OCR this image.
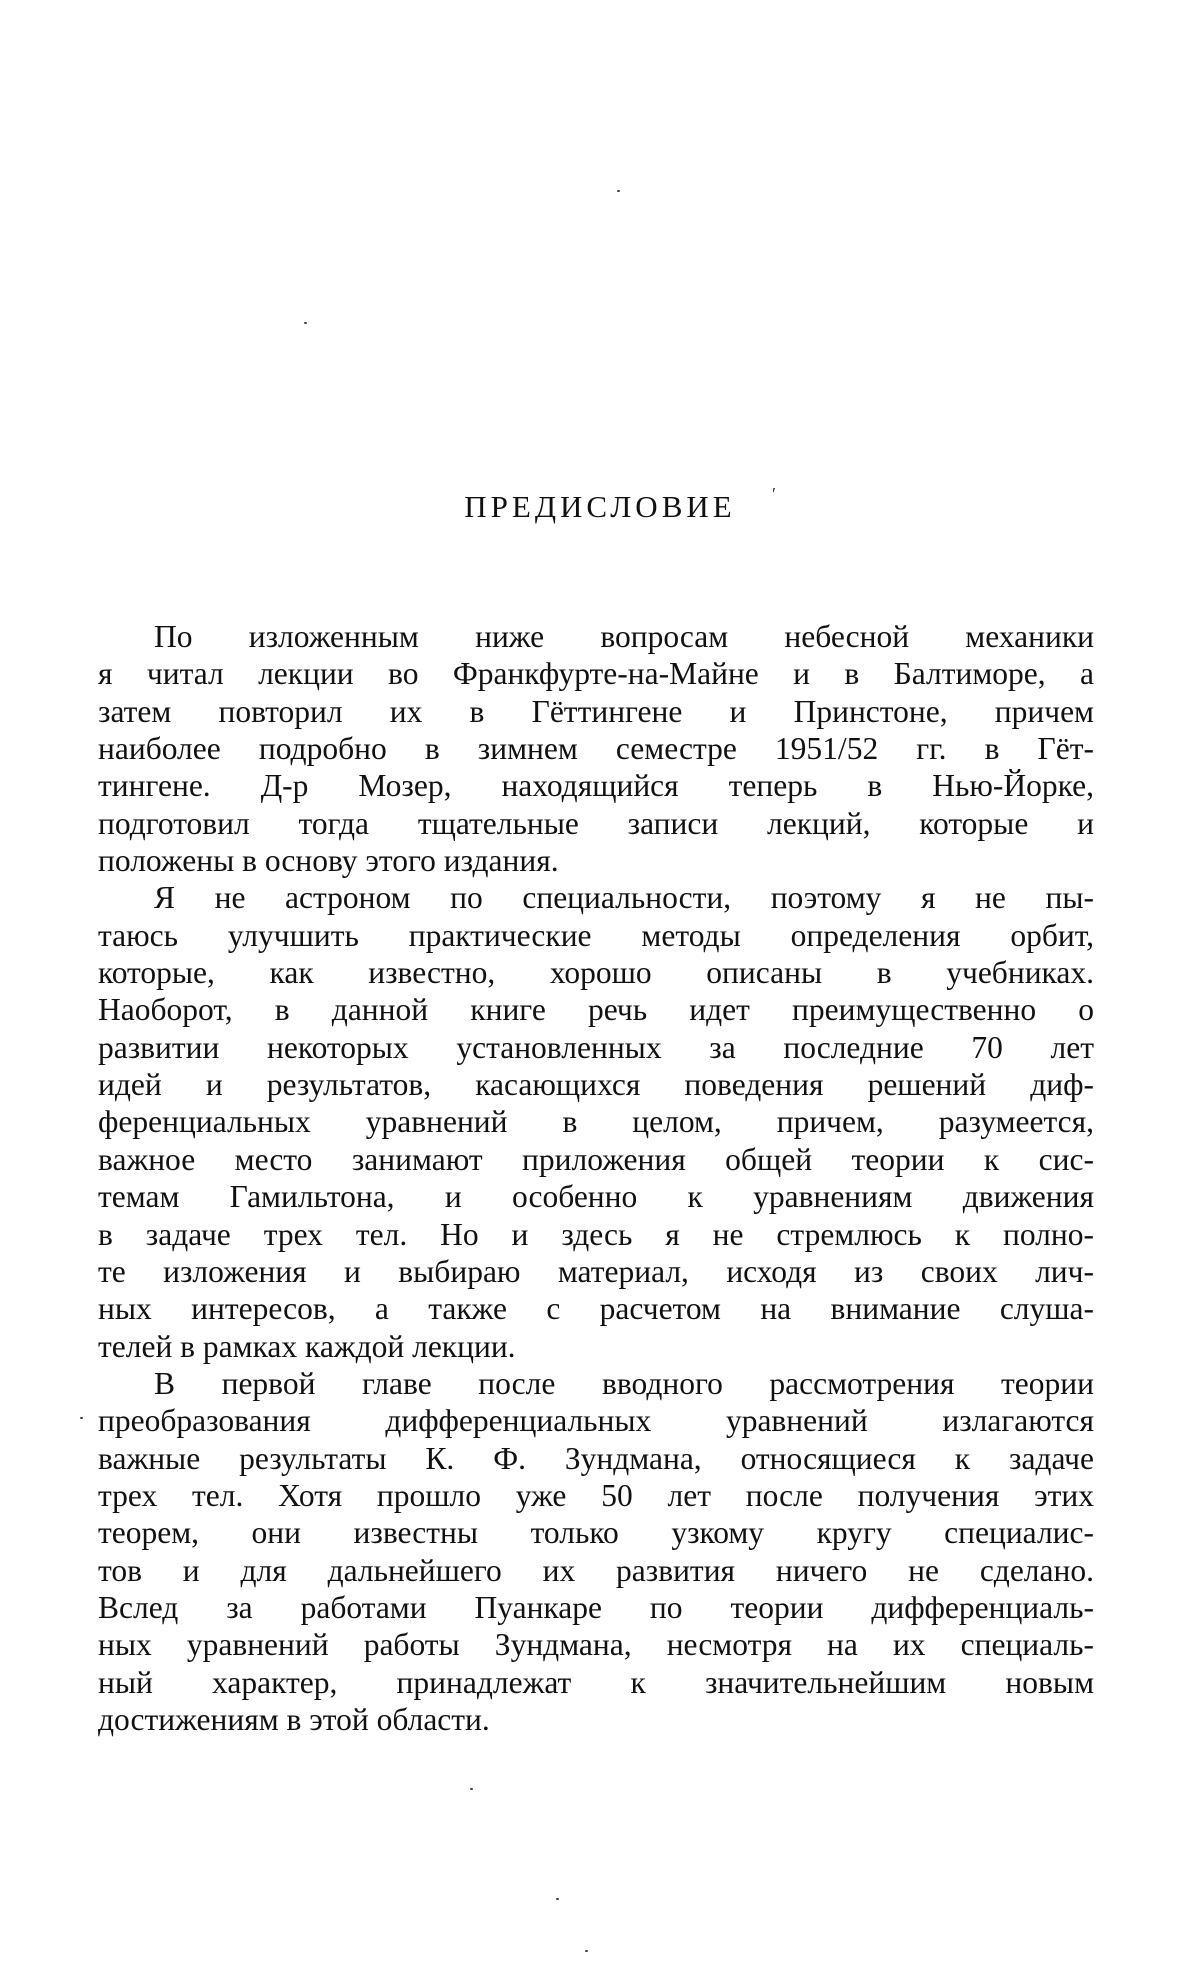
ПРЕДИСЛОВИЕ	′
По изложенным ниже вопросам небесной механики
я читал лекции во Франкфурте-на-Майне и в Балтиморе, а
затем повторил их в Гёттингене и Принстоне, причем
наиболее подробно в зимнем семестре 1951/52 гг. в Гёт-
тингене. Д-р Мозер, находящийся теперь в Нью-Йорке,
подготовил тогда тщательные записи лекций, которые и
положены в основу этого издания.
Я не астроном по специальности, поэтому я не пы-
таюсь улучшить практические методы определения орбит,
которые, как известно, хорошо описаны в учебниках.
Наоборот, в данной книге речь идет преимущественно о
развитии некоторых установленных за последние 70 лет
идей и результатов, касающихся поведения решений диф-
ференциальных уравнений в целом, причем, разумеется,
важное место занимают приложения общей теории к сис-
темам Гамильтона, и особенно к уравнениям движения
в задаче трех тел. Но и здесь я не стремлюсь к полно-
те изложения и выбираю материал, исходя из своих лич-
ных интересов, а также с расчетом на внимание слуша-
телей в рамках каждой лекции.
В первой главе после вводного рассмотрения теории
преобразования дифференциальных уравнений излагаются
важные результаты К. Ф. Зундмана, относящиеся к задаче
трех тел. Хотя прошло уже 50 лет после получения этих
теорем, они известны только узкому кругу специалис-
тов и для дальнейшего их развития ничего не сделано.
Вслед за работами Пуанкаре по теории дифференциаль-
ных уравнений работы Зундмана, несмотря на их специаль-
ный характер, принадлежат к значительнейшим новым
достижениям в этой области.
